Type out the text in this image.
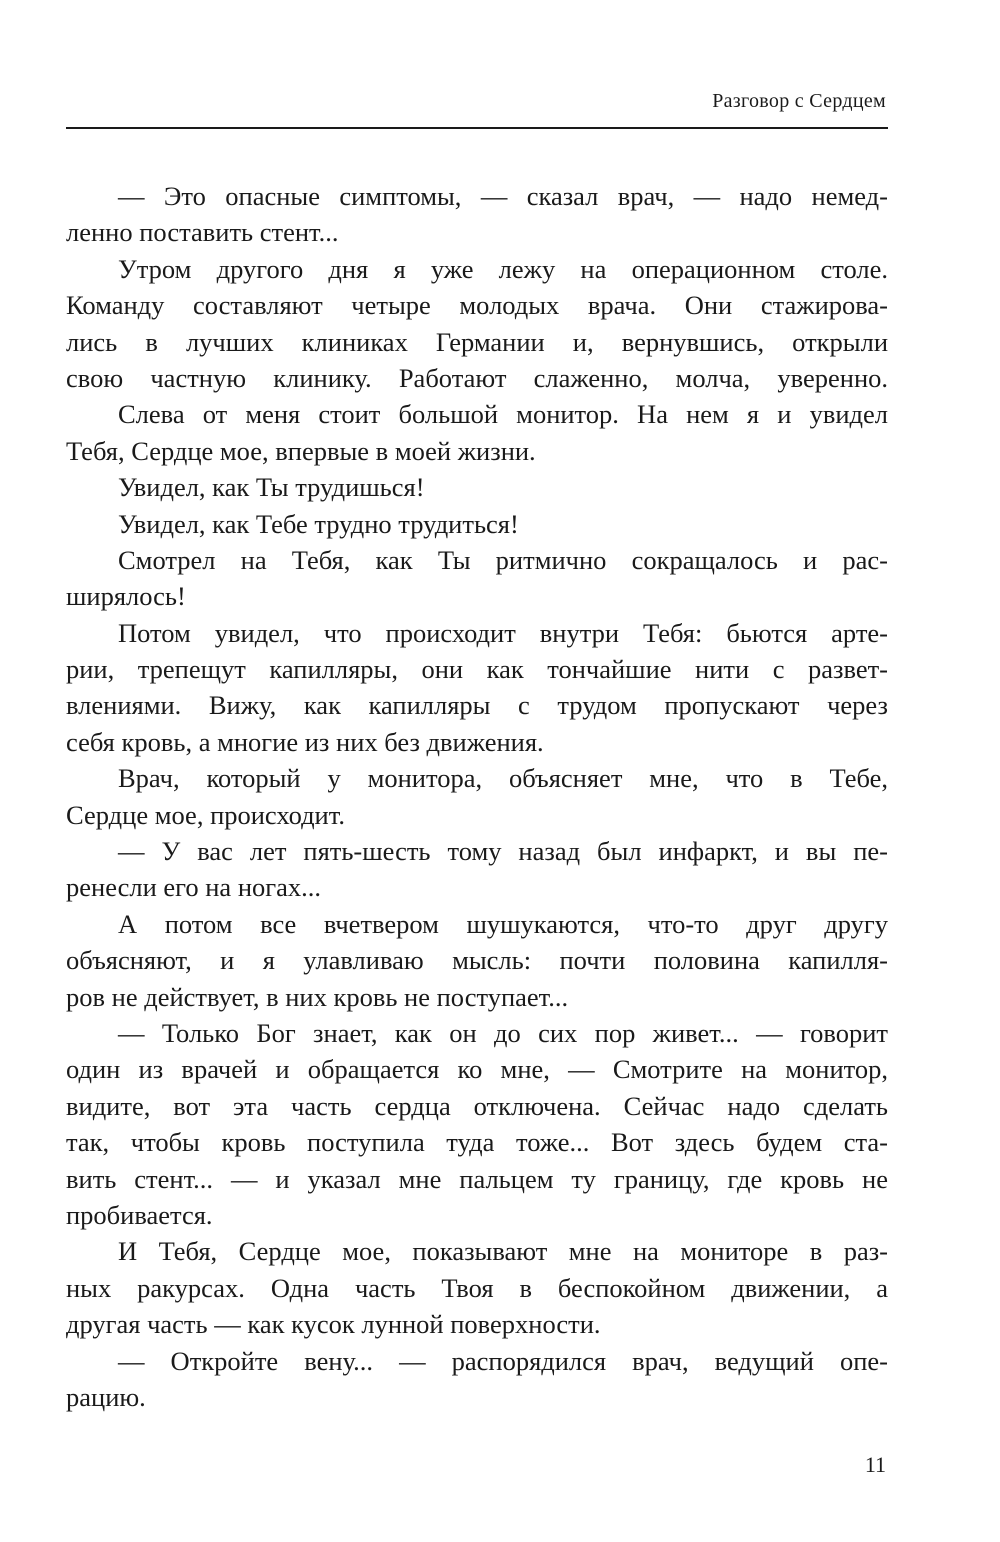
Разговор с Сердцем
— Это опасные симптомы, — сказал врач, — надо немед-
ленно поставить стент...
Утром другого дня я уже лежу на операционном столе.
Команду составляют четыре молодых врача. Они стажирова-
лись в лучших клиниках Германии и, вернувшись, открыли
свою частную клинику. Работают слаженно, молча, уверенно.
Слева от меня стоит большой монитор. На нем я и увидел
Тебя, Сердце мое, впервые в моей жизни.
Увидел, как Ты трудишься!
Увидел, как Тебе трудно трудиться!
Смотрел на Тебя, как Ты ритмично сокращалось и рас-
ширялось!
Потом увидел, что происходит внутри Тебя: бьются арте-
рии, трепещут капилляры, они как тончайшие нити с развет-
влениями. Вижу, как капилляры с трудом пропускают через
себя кровь, а многие из них без движения.
Врач, который у монитора, объясняет мне, что в Тебе,
Сердце мое, происходит.
— У вас лет пять-шесть тому назад был инфаркт, и вы пе-
ренесли его на ногах...
А потом все вчетвером шушукаются, что-то друг другу
объясняют, и я улавливаю мысль: почти половина капилля-
ров не действует, в них кровь не поступает...
— Только Бог знает, как он до сих пор живет... — говорит
один из врачей и обращается ко мне, — Смотрите на монитор,
видите, вот эта часть сердца отключена. Сейчас надо сделать
так, чтобы кровь поступила туда тоже... Вот здесь будем ста-
вить стент... — и указал мне пальцем ту границу, где кровь не
пробивается.
И Тебя, Сердце мое, показывают мне на мониторе в раз-
ных ракурсах. Одна часть Твоя в беспокойном движении, а
другая часть — как кусок лунной поверхности.
— Откройте вену... — распорядился врач, ведущий опе-
рацию.
11
